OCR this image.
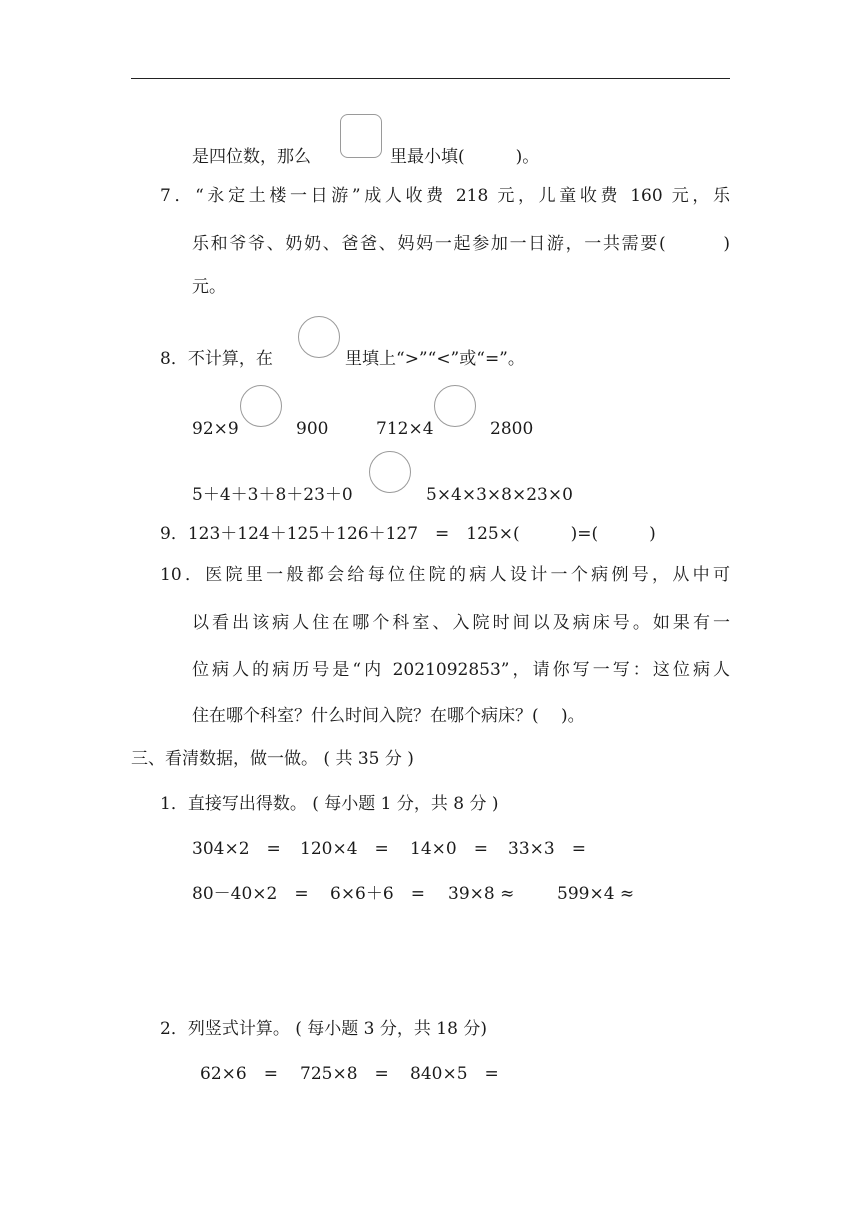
是四位数，那么	里最小填(　　　)。
7．“永定土楼一日游”成人收费 218 元，儿童收费 160 元，乐
乐和爷爷、奶奶、爸爸、妈妈一起参加一日游，一共需要(　　　)
元。
8．不计算，在	里填上“>”“<”或“=”。
92×9	900	712×4	2800
5＋4＋3＋8＋23＋0	5×4×3×8×23×0
9．123＋124＋125＋126＋127　=　125×(　　　)=(　　　)
10．医院里一般都会给每位住院的病人设计一个病例号，从中可
以看出该病人住在哪个科室、入院时间以及病床号。如果有一
位病人的病历号是“内 2021092853”，请你写一写：这位病人
住在哪个科室？什么时间入院？在哪个病床？(　 )。
三、看清数据，做一做。 ( 共 35 分 )
1．直接写出得数。 ( 每小题 1 分，共 8 分 )
304×2　= 120×4　= 14×0　= 33×3　=
80－40×2　= 6×6＋6　= 39×8 ≈	599×4 ≈
2．列竖式计算。 ( 每小题 3 分，共 18 分)
62×6　= 725×8　= 840×5　=
